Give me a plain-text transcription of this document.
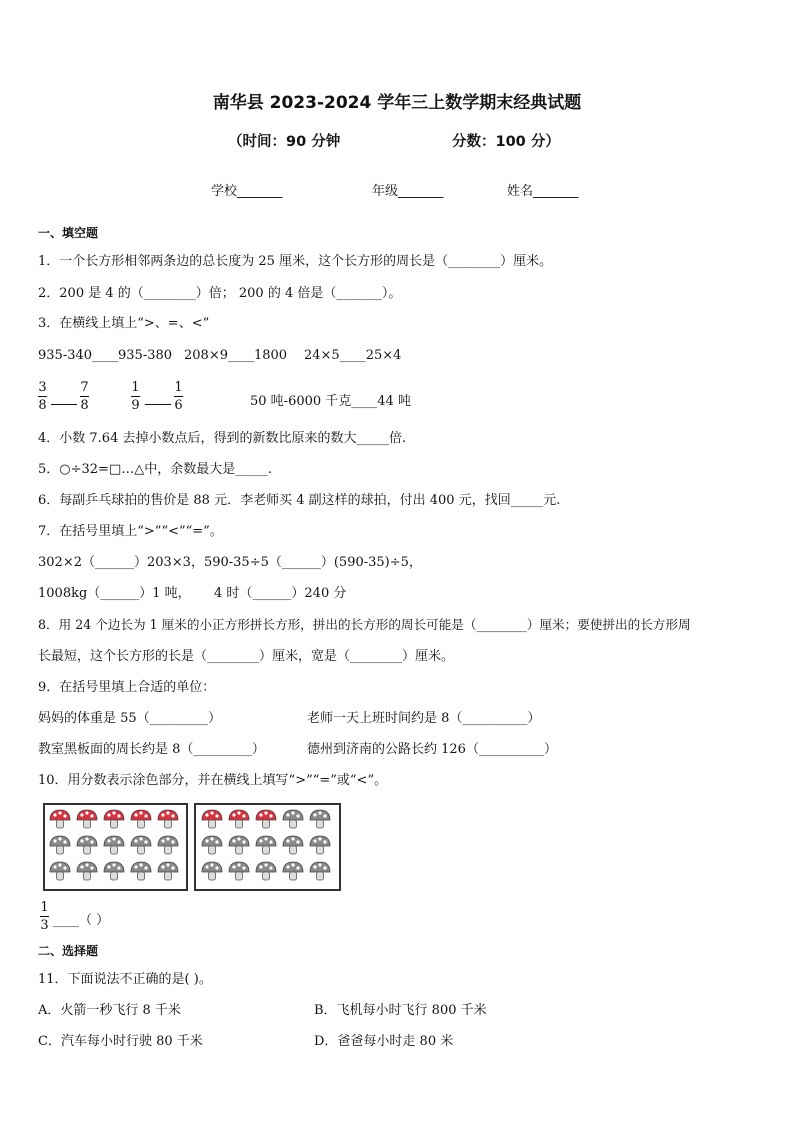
南华县 2023-2024 学年三上数学期末经典试题
（时间：90 分钟	分数：100 分）
学校_______	年级_______	姓名_______
一、填空题
1．一个长方形相邻两条边的总长度为 25 厘米，这个长方形的周长是（________）厘米。
2．200 是 4 的（________）倍； 200 的 4 倍是（_______）。
3．在横线上填上“>、=、<”
935-340____935-380 208×9____1800 24×5____25×4
3
8
7
8
1
9
1
6	50 吨-6000 千克____44 吨
4．小数 7.64 去掉小数点后，得到的新数比原来的数大_____倍.
5．○÷32=□…△中，余数最大是_____.
6．每副乒乓球拍的售价是 88 元．李老师买 4 副这样的球拍，付出 400 元，找回_____元.
7．在括号里填上“>”“<”“=”。
302×2（______）203×3，590-35÷5（______）(590-35)÷5，
1008kg（______）1 吨， 4 时（______）240 分
8．用 24 个边长为 1 厘米的小正方形拼长方形，拼出的长方形的周长可能是（________）厘米；要使拼出的长方形周
长最短，这个长方形的长是（________）厘米，宽是（________）厘米。
9．在括号里填上合适的单位：
妈妈的体重是 55（_________）	老师一天上班时间约是 8（__________）
教室黑板面的周长约是 8（_________）	德州到济南的公路长约 126（__________）
10．用分数表示涂色部分，并在横线上填写“>”“=”或“<”。
1
3 ____（ ）
二、选择题
11．下面说法不正确的是( )。
A．火箭一秒飞行 8 千米	B．飞机每小时飞行 800 千米
C．汽车每小时行驶 80 千米	D．爸爸每小时走 80 米
